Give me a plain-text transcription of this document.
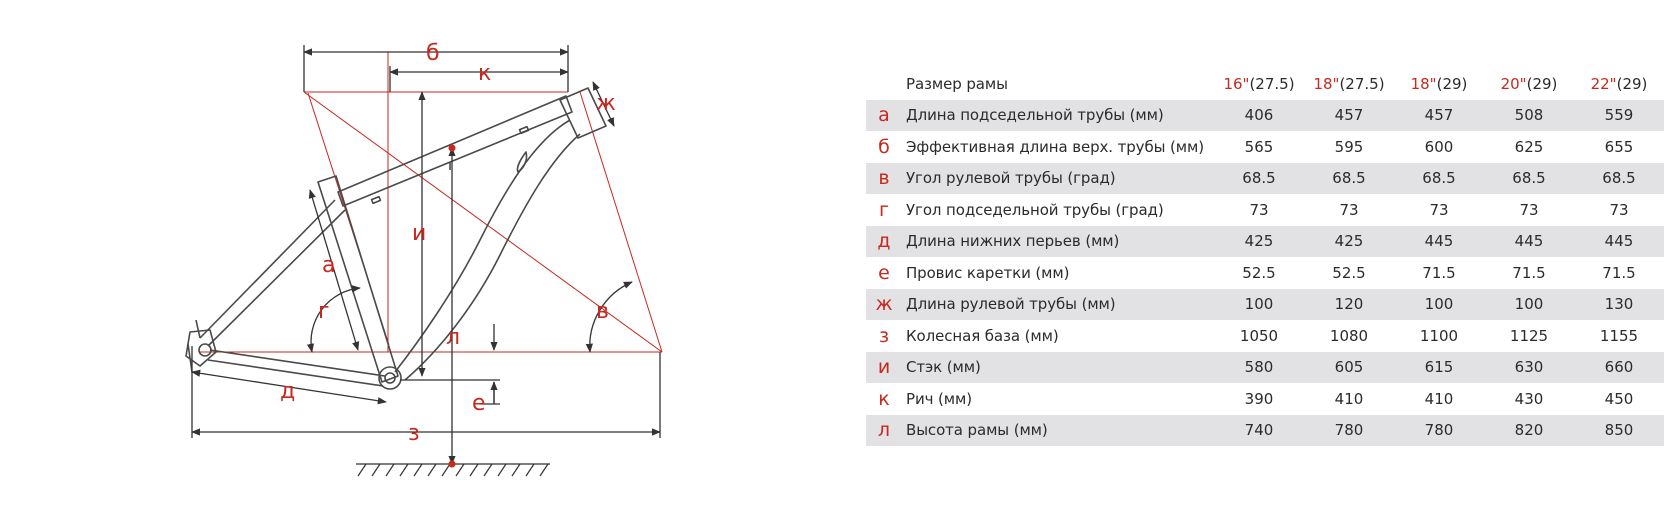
б
к
ж
и
а
г	в
л
д	е
з
	Размер рамы	16"(27.5)	18"(27.5)	18"(29)	20"(29)	22"(29)
а	Длина подседельной трубы (мм)	406	457	457	508	559
б	Эффективная длина верх. трубы (мм)	565	595	600	625	655
в	Угол рулевой трубы (град)	68.5	68.5	68.5	68.5	68.5
г	Угол подседельной трубы (град)	73	73	73	73	73
д	Длина нижних перьев (мм)	425	425	445	445	445
е	Провис каретки (мм)	52.5	52.5	71.5	71.5	71.5
ж	Длина рулевой трубы (мм)	100	120	100	100	130
з	Колесная база (мм)	1050	1080	1100	1125	1155
и	Стэк (мм)	580	605	615	630	660
к	Рич (мм)	390	410	410	430	450
л	Высота рамы (мм)	740	780	780	820	850
